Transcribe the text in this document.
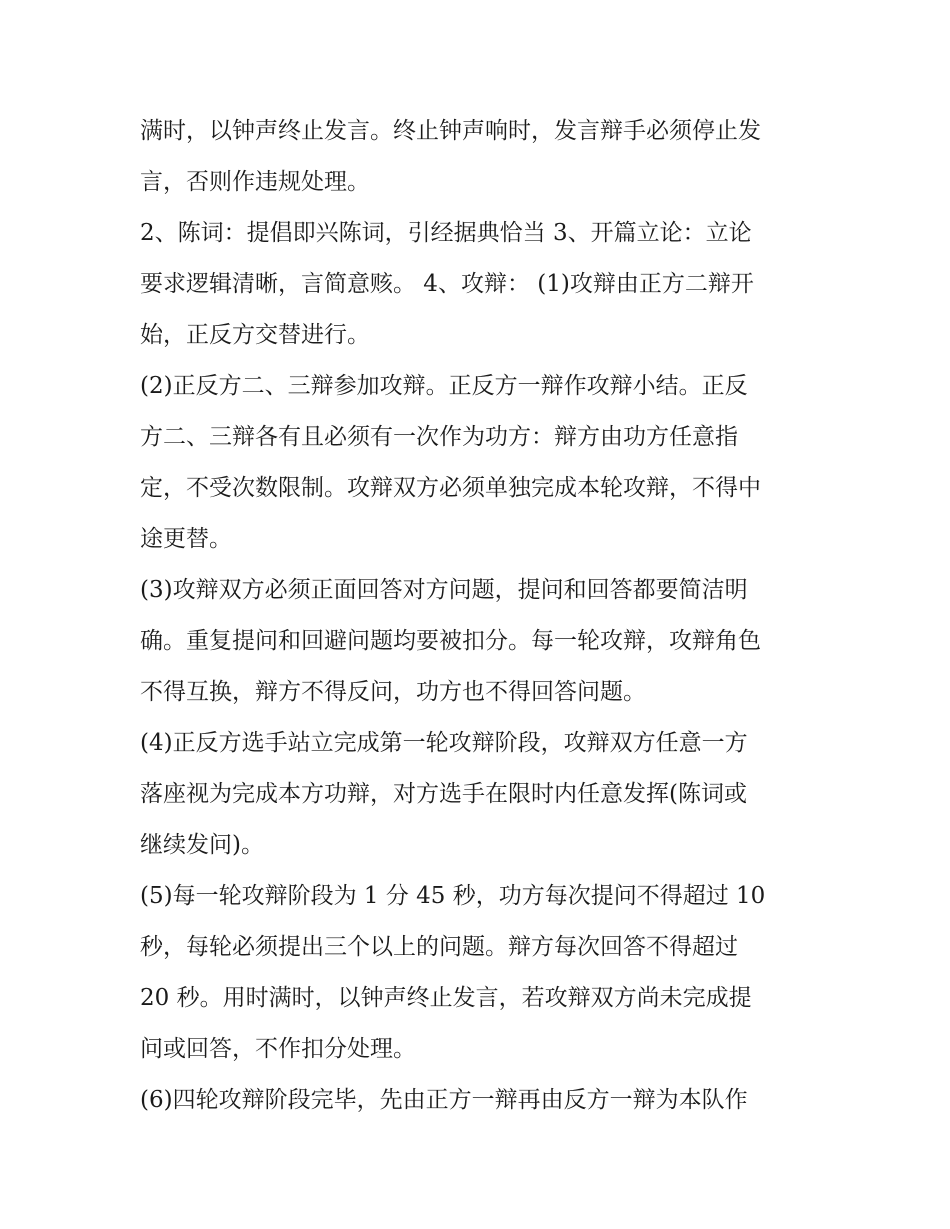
满时，以钟声终止发言。终止钟声响时，发言辩手必须停止发
言，否则作违规处理。
2、陈词：提倡即兴陈词，引经据典恰当 3、开篇立论：立论
要求逻辑清晰，言简意赅。 4、攻辩： (1)攻辩由正方二辩开
始，正反方交替进行。
(2)正反方二、三辩参加攻辩。正反方一辩作攻辩小结。正反
方二、三辩各有且必须有一次作为功方：辩方由功方任意指
定，不受次数限制。攻辩双方必须单独完成本轮攻辩，不得中
途更替。
(3)攻辩双方必须正面回答对方问题，提问和回答都要简洁明
确。重复提问和回避问题均要被扣分。每一轮攻辩，攻辩角色
不得互换，辩方不得反问，功方也不得回答问题。
(4)正反方选手站立完成第一轮攻辩阶段，攻辩双方任意一方
落座视为完成本方功辩，对方选手在限时内任意发挥(陈词或
继续发问)。
(5)每一轮攻辩阶段为 1 分 45 秒，功方每次提问不得超过 10
秒，每轮必须提出三个以上的问题。辩方每次回答不得超过
20 秒。用时满时，以钟声终止发言，若攻辩双方尚未完成提
问或回答，不作扣分处理。
(6)四轮攻辩阶段完毕，先由正方一辩再由反方一辩为本队作
